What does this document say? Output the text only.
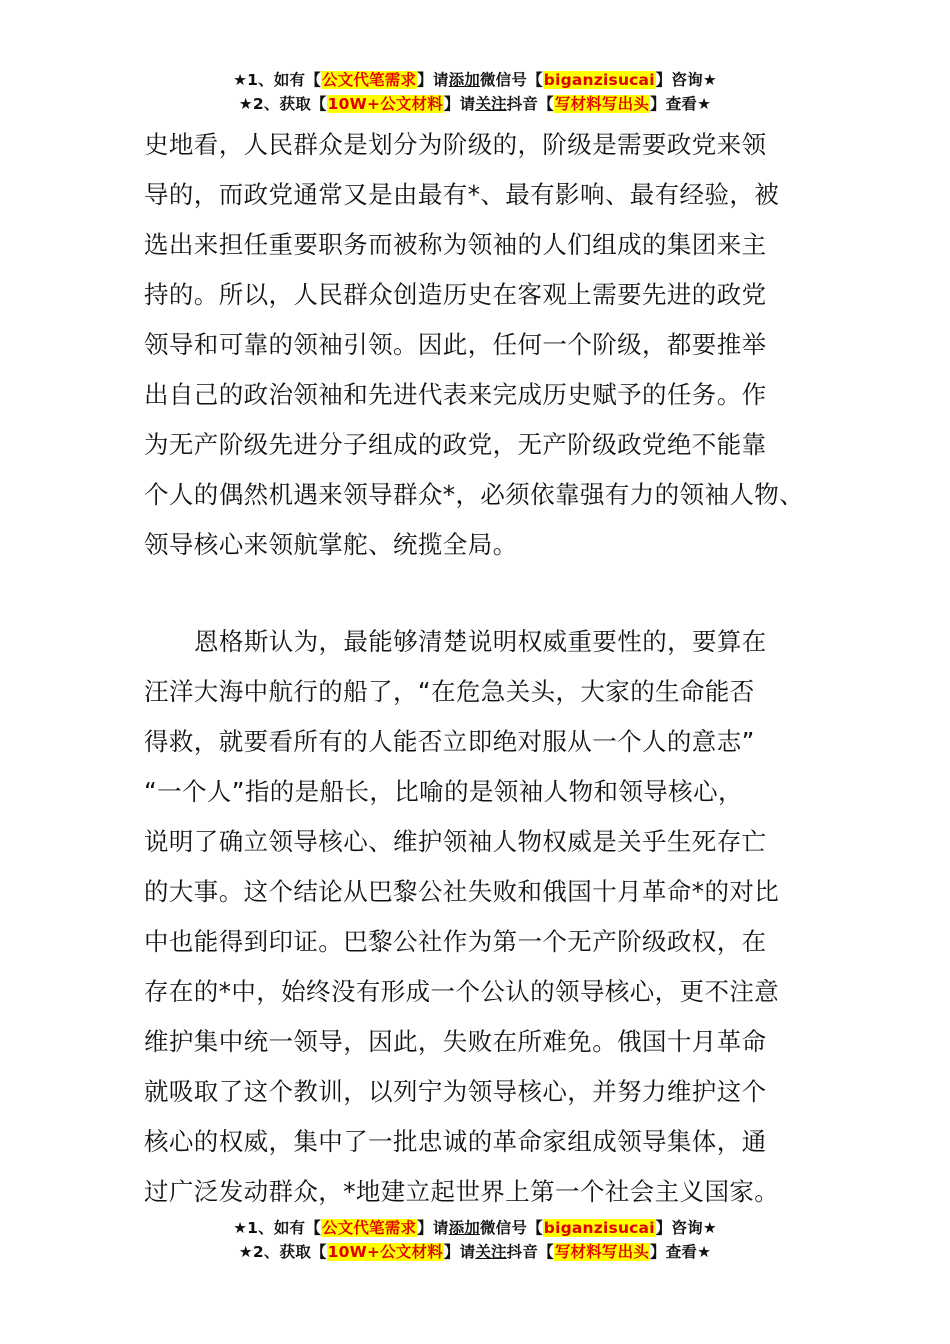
★1、如有【公文代笔需求】请添加微信号【biganzisucai】咨询★
★2、获取【10W+公文材料】请关注抖音【写材料写出头】查看★
史地看，人民群众是划分为阶级的，阶级是需要政党来领
导的，而政党通常又是由最有*、最有影响、最有经验，被
选出来担任重要职务而被称为领袖的人们组成的集团来主
持的。所以，人民群众创造历史在客观上需要先进的政党
领导和可靠的领袖引领。因此，任何一个阶级，都要推举
出自己的政治领袖和先进代表来完成历史赋予的任务。作
为无产阶级先进分子组成的政党，无产阶级政党绝不能靠
个人的偶然机遇来领导群众*，必须依靠强有力的领袖人物、
领导核心来领航掌舵、统揽全局。
恩格斯认为，最能够清楚说明权威重要性的，要算在
汪洋大海中航行的船了，“在危急关头，大家的生命能否
得救，就要看所有的人能否立即绝对服从一个人的意志”
“一个人”指的是船长，比喻的是领袖人物和领导核心，
说明了确立领导核心、维护领袖人物权威是关乎生死存亡
的大事。这个结论从巴黎公社失败和俄国十月革命*的对比
中也能得到印证。巴黎公社作为第一个无产阶级政权，在
存在的*中，始终没有形成一个公认的领导核心，更不注意
维护集中统一领导，因此，失败在所难免。俄国十月革命
就吸取了这个教训，以列宁为领导核心，并努力维护这个
核心的权威，集中了一批忠诚的革命家组成领导集体，通
过广泛发动群众，*地建立起世界上第一个社会主义国家。
★1、如有【公文代笔需求】请添加微信号【biganzisucai】咨询★
★2、获取【10W+公文材料】请关注抖音【写材料写出头】查看★
